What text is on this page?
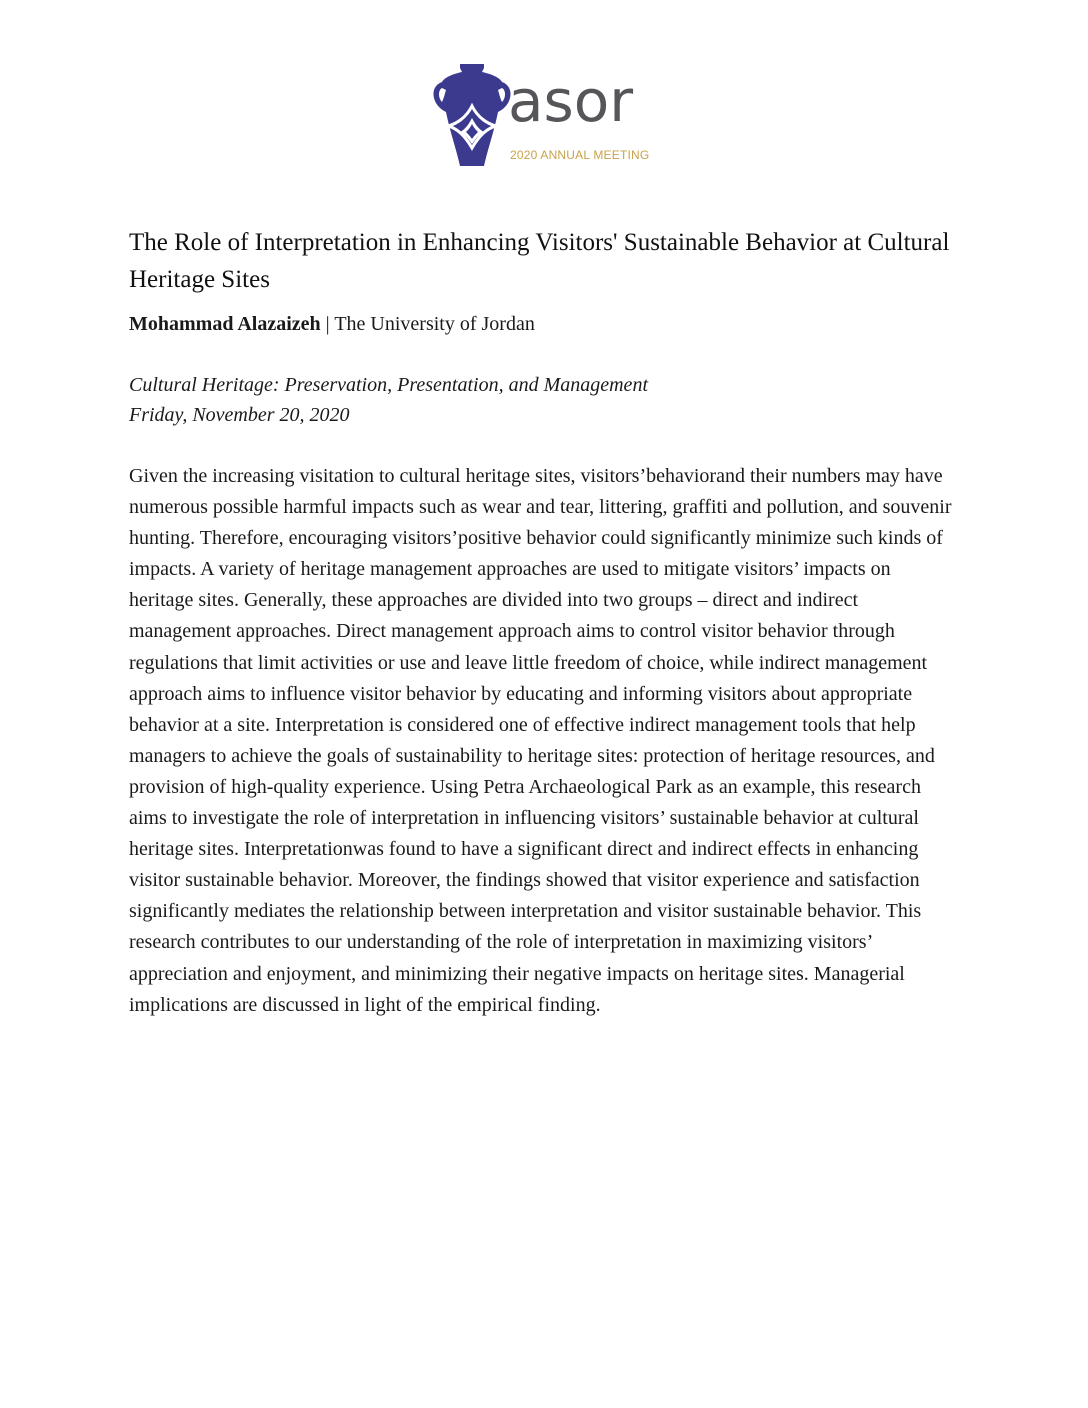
asor
2020 ANNUAL MEETING
The Role of Interpretation in Enhancing Visitors' Sustainable Behavior at Cultural Heritage Sites
Mohammad Alazaizeh | The University of Jordan
Cultural Heritage: Preservation, Presentation, and Management
Friday, November 20, 2020

Given the increasing visitation to cultural heritage sites, visitors’behaviorand their numbers may have numerous possible harmful impacts such as wear and tear, littering, graffiti and pollution, and souvenir hunting. Therefore, encouraging visitors’positive behavior could significantly minimize such kinds of impacts. A variety of heritage management approaches are used to mitigate visitors’ impacts on heritage sites. Generally, these approaches are divided into two groups – direct and indirect management approaches. Direct management approach aims to control visitor behavior through regulations that limit activities or use and leave little freedom of choice, while indirect management approach aims to influence visitor behavior by educating and informing visitors about appropriate behavior at a site. Interpretation is considered one of effective indirect management tools that help managers to achieve the goals of sustainability to heritage sites: protection of heritage resources, and provision of high-quality experience. Using Petra Archaeological Park as an example, this research aims to investigate the role of interpretation in influencing visitors’ sustainable behavior at cultural heritage sites. Interpretationwas found to have a significant direct and indirect effects in enhancing visitor sustainable behavior. Moreover, the findings showed that visitor experience and satisfaction significantly mediates the relationship between interpretation and visitor sustainable behavior. This research contributes to our understanding of the role of interpretation in maximizing visitors’ appreciation and enjoyment, and minimizing their negative impacts on heritage sites. Managerial implications are discussed in light of the empirical finding.
